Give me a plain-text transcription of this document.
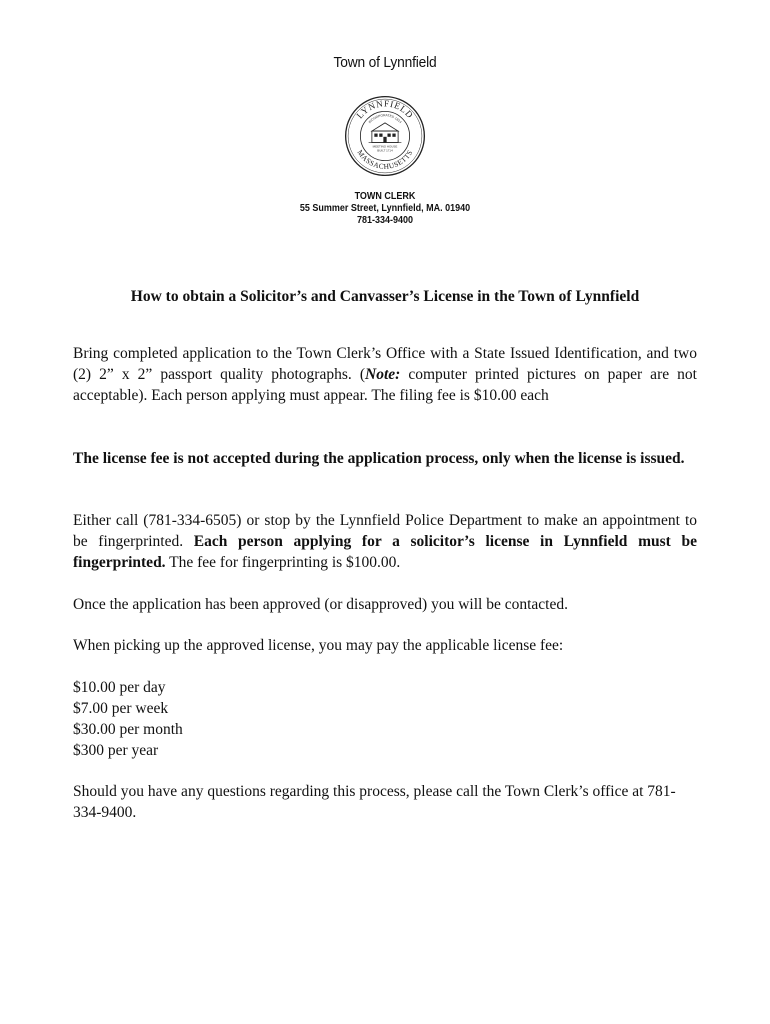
Town of Lynnfield
LYNNFIELD
MASSACHUSETTS
INCORPORATED 1814
MEETING HOUSE
BUILT 1714
TOWN CLERK
55 Summer Street, Lynnfield, MA. 01940
781-334-9400
How to obtain a Solicitor’s and Canvasser’s License in the Town of Lynnfield

Bring completed application to the Town Clerk’s Office with a State Issued Identification, and two (2) 2” x 2” passport quality photographs. (Note: computer printed pictures on paper are not acceptable). Each person applying must appear. The filing fee is $10.00 each

The license fee is not accepted during the application process, only when the license is issued.

Either call (781-334-6505) or stop by the Lynnfield Police Department to make an appointment to be fingerprinted. Each person applying for a solicitor’s license in Lynnfield must be fingerprinted. The fee for fingerprinting is $100.00.

Once the application has been approved (or disapproved) you will be contacted.

When picking up the approved license, you may pay the applicable license fee:

$10.00 per day
$7.00 per week
$30.00 per month
$300 per year

Should you have any questions regarding this process, please call the Town Clerk’s office at 781-334-9400.
